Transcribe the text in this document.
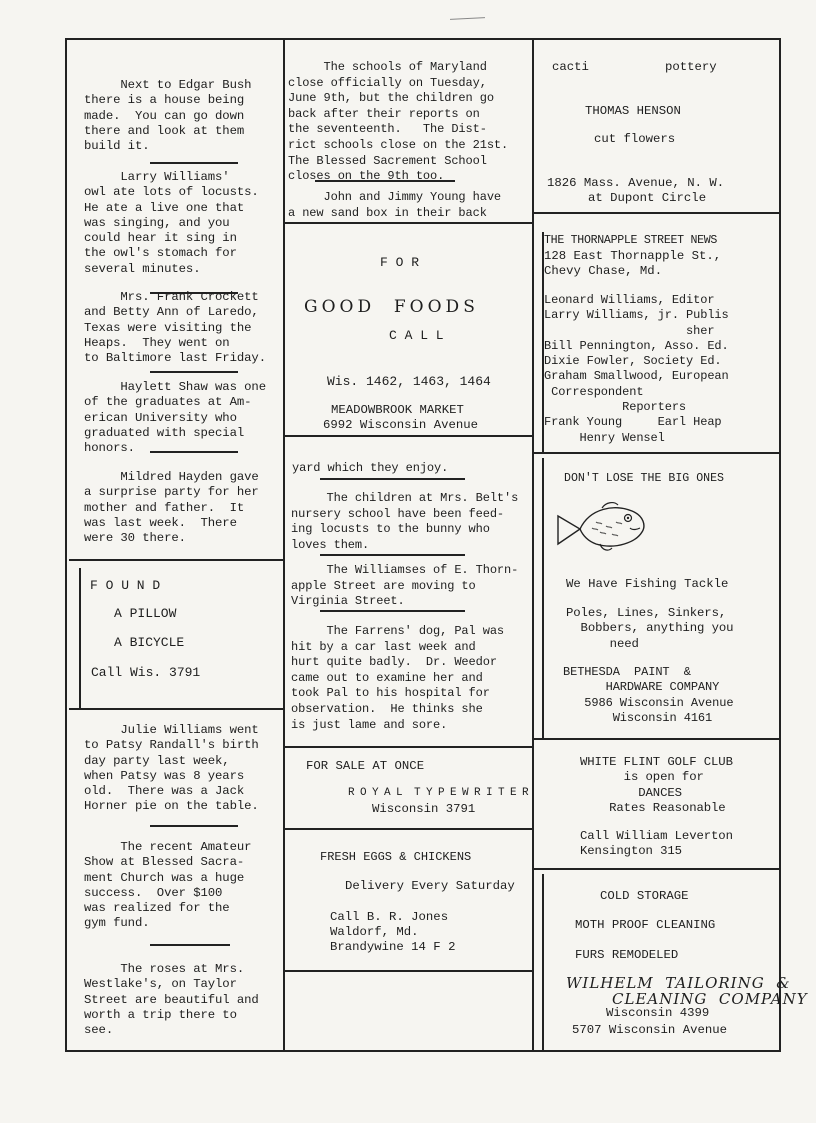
Next to Edgar Bush
there is a house being
made.  You can go down
there and look at them
build it.
Larry Williams'
owl ate lots of locusts.
He ate a live one that
was singing, and you
could hear it sing in
the owl's stomach for
several minutes.
Mrs. Frank Crockett
and Betty Ann of Laredo,
Texas were visiting the
Heaps.  They went on
to Baltimore last Friday.
Haylett Shaw was one
of the graduates at Am-
erican University who
graduated with special
honors.
Mildred Hayden gave
a surprise party for her
mother and father.  It
was last week.  There
were 30 there.
F O U N D
A PILLOW
A BICYCLE
Call Wis. 3791
Julie Williams went
to Patsy Randall's birth
day party last week,
when Patsy was 8 years
old.  There was a Jack
Horner pie on the table.
The recent Amateur
Show at Blessed Sacra-
ment Church was a huge
success.  Over $100
was realized for the
gym fund.
The roses at Mrs.
Westlake's, on Taylor
Street are beautiful and
worth a trip there to
see.
The schools of Maryland
close officially on Tuesday,
June 9th, but the children go
back after their reports on
the seventeenth.   The Dist-
rict schools close on the 21st.
The Blessed Sacrement School
closes on the 9th too.
John and Jimmy Young have
a new sand box in their back
F O R
GOOD  FOODS
C A L L
Wis. 1462, 1463, 1464
MEADOWBROOK MARKET
6992 Wisconsin Avenue
yard which they enjoy.
The children at Mrs. Belt's
nursery school have been feed-
ing locusts to the bunny who
loves them.
The Williamses of E. Thorn-
apple Street are moving to
Virginia Street.
The Farrens' dog, Pal was
hit by a car last week and
hurt quite badly.  Dr. Weedor
came out to examine her and
took Pal to his hospital for
observation.  He thinks she
is just lame and sore.
FOR SALE AT ONCE
R O Y A L  T Y P E W R I T E R
Wisconsin 3791
FRESH EGGS & CHICKENS
Delivery Every Saturday
Call B. R. Jones
Waldorf, Md.
Brandywine 14 F 2
cacti	pottery
THOMAS HENSON
cut flowers
1826 Mass. Avenue, N. W.
at Dupont Circle
THE THORNAPPLE STREET NEWS
128 East Thornapple St.,
Chevy Chase, Md.
Leonard Williams, Editor
Larry Williams, jr. Publis
sher
Bill Pennington, Asso. Ed.
Dixie Fowler, Society Ed.
Graham Smallwood, European
Correspondent
Reporters
Frank Young     Earl Heap
Henry Wensel
DON'T LOSE THE BIG ONES
We Have Fishing Tackle
Poles, Lines, Sinkers,
Bobbers, anything you
need
BETHESDA  PAINT  &
HARDWARE COMPANY
5986 Wisconsin Avenue
Wisconsin 4161
WHITE FLINT GOLF CLUB
is open for
DANCES
Rates Reasonable
Call William Leverton
Kensington 315
COLD STORAGE
MOTH PROOF CLEANING
FURS REMODELED
WILHELM  TAILORING  &
CLEANING  COMPANY
Wisconsin 4399
5707 Wisconsin Avenue
